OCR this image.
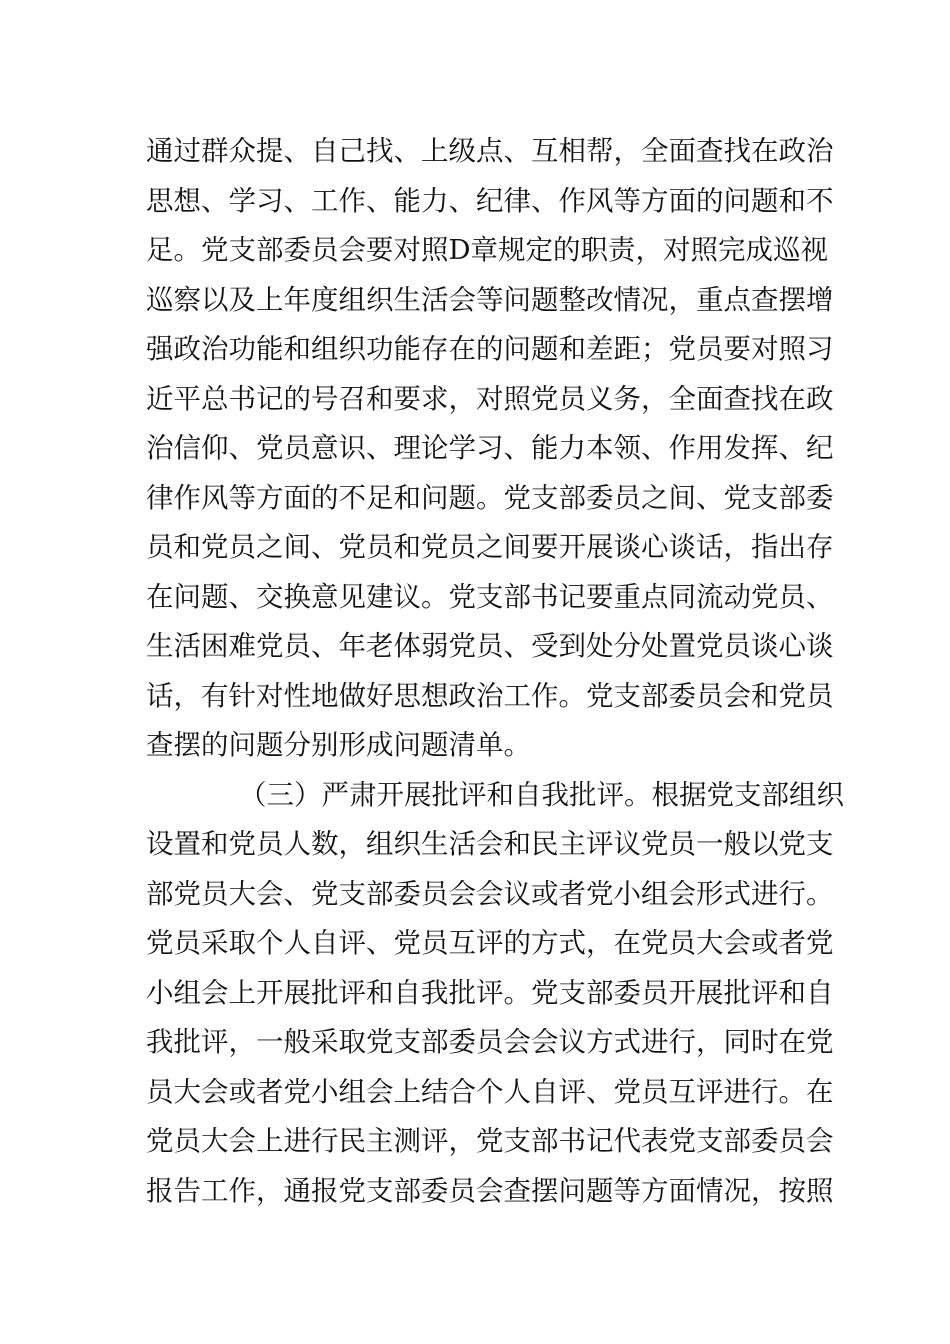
通过群众提、自己找、上级点、互相帮，全面查找在政治
思想、学习、工作、能力、纪律、作风等方面的问题和不
足。党支部委员会要对照D章规定的职责，对照完成巡视
巡察以及上年度组织生活会等问题整改情况，重点查摆增
强政治功能和组织功能存在的问题和差距；党员要对照习
近平总书记的号召和要求，对照党员义务，全面查找在政
治信仰、党员意识、理论学习、能力本领、作用发挥、纪
律作风等方面的不足和问题。党支部委员之间、党支部委
员和党员之间、党员和党员之间要开展谈心谈话，指出存
在问题、交换意见建议。党支部书记要重点同流动党员、
生活困难党员、年老体弱党员、受到处分处置党员谈心谈
话，有针对性地做好思想政治工作。党支部委员会和党员
查摆的问题分别形成问题清单。
（三）严肃开展批评和自我批评。根据党支部组织
设置和党员人数，组织生活会和民主评议党员一般以党支
部党员大会、党支部委员会会议或者党小组会形式进行。
党员采取个人自评、党员互评的方式，在党员大会或者党
小组会上开展批评和自我批评。党支部委员开展批评和自
我批评，一般采取党支部委员会会议方式进行，同时在党
员大会或者党小组会上结合个人自评、党员互评进行。在
党员大会上进行民主测评，党支部书记代表党支部委员会
报告工作，通报党支部委员会查摆问题等方面情况，按照
